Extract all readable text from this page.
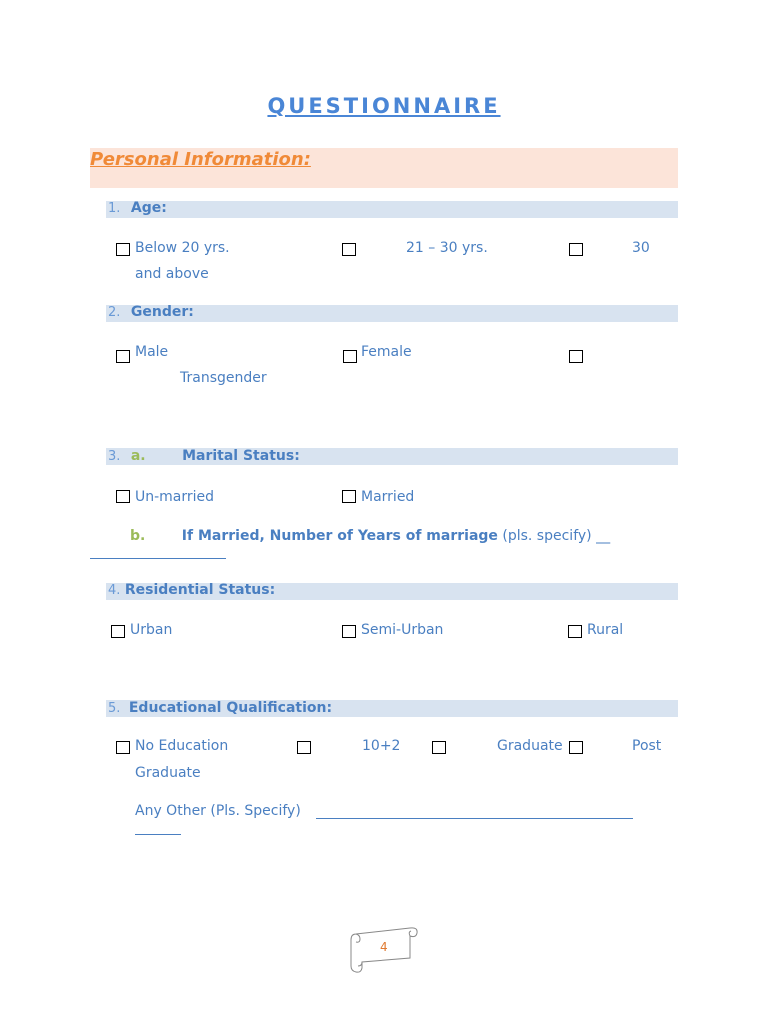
QUESTIONNAIRE
Personal Information:
1. Age:
Below 20 yrs.	21 – 30 yrs.	30
and above
2. Gender:
Male	Female
Transgender
3. a.	Marital Status:
Un-married	Married
b.	If Married, Number of Years of marriage (pls. specify) __
4. Residential Status:
Urban	Semi-Urban	Rural
5. Educational Qualification:
No Education	10+2	Graduate	Post
Graduate
Any Other (Pls. Specify)
4
